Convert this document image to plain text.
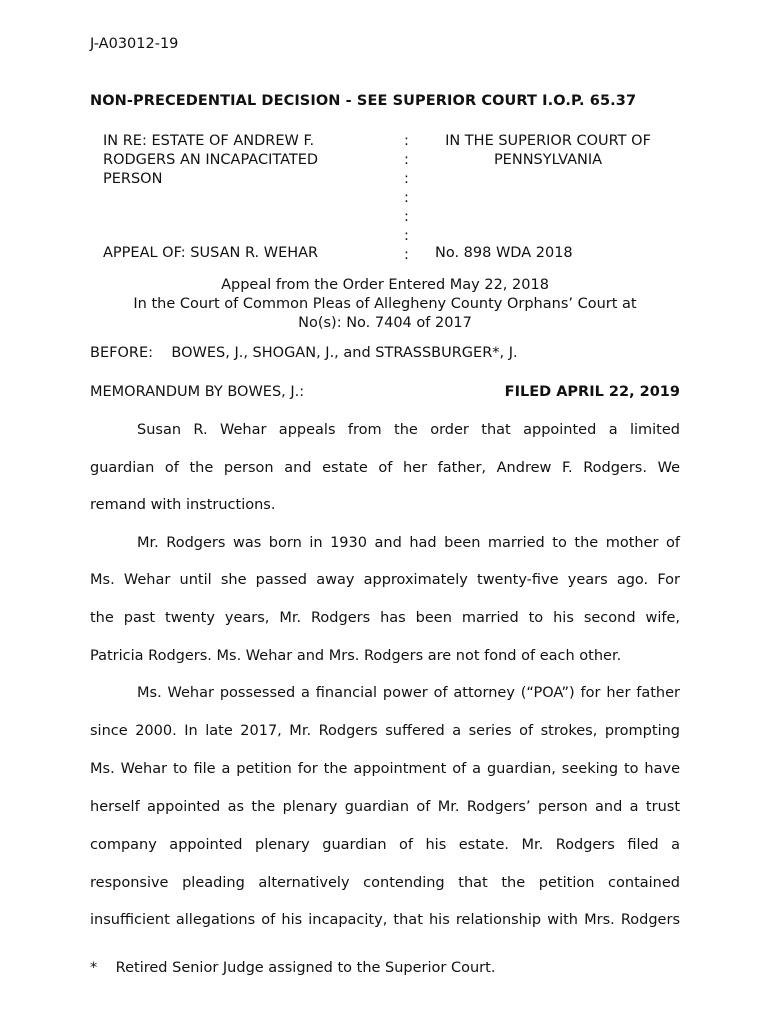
J-A03012-19
NON-PRECEDENTIAL DECISION - SEE SUPERIOR COURT I.O.P. 65.37
IN RE: ESTATE OF ANDREW F.
RODGERS AN INCAPACITATED
PERSON
:
:
:
:
:
:
:
IN THE SUPERIOR COURT OF
PENNSYLVANIA
APPEAL OF: SUSAN R. WEHAR	No. 898 WDA 2018
Appeal from the Order Entered May 22, 2018
In the Court of Common Pleas of Allegheny County Orphans’ Court at
No(s): No. 7404 of 2017
BEFORE:    BOWES, J., SHOGAN, J., and STRASSBURGER*, J.
MEMORANDUM BY BOWES, J.:	FILED APRIL 22, 2019
Susan R. Wehar appeals from the order that appointed a limited
guardian of the person and estate of her father, Andrew F. Rodgers. We
remand with instructions.
Mr. Rodgers was born in 1930 and had been married to the mother of
Ms. Wehar until she passed away approximately twenty-five years ago. For
the past twenty years, Mr. Rodgers has been married to his second wife,
Patricia Rodgers. Ms. Wehar and Mrs. Rodgers are not fond of each other.
Ms. Wehar possessed a financial power of attorney (“POA”) for her father
since 2000. In late 2017, Mr. Rodgers suffered a series of strokes, prompting
Ms. Wehar to file a petition for the appointment of a guardian, seeking to have
herself appointed as the plenary guardian of Mr. Rodgers’ person and a trust
company appointed plenary guardian of his estate. Mr. Rodgers filed a
responsive pleading alternatively contending that the petition contained
insufficient allegations of his incapacity, that his relationship with Mrs. Rodgers
*    Retired Senior Judge assigned to the Superior Court.
